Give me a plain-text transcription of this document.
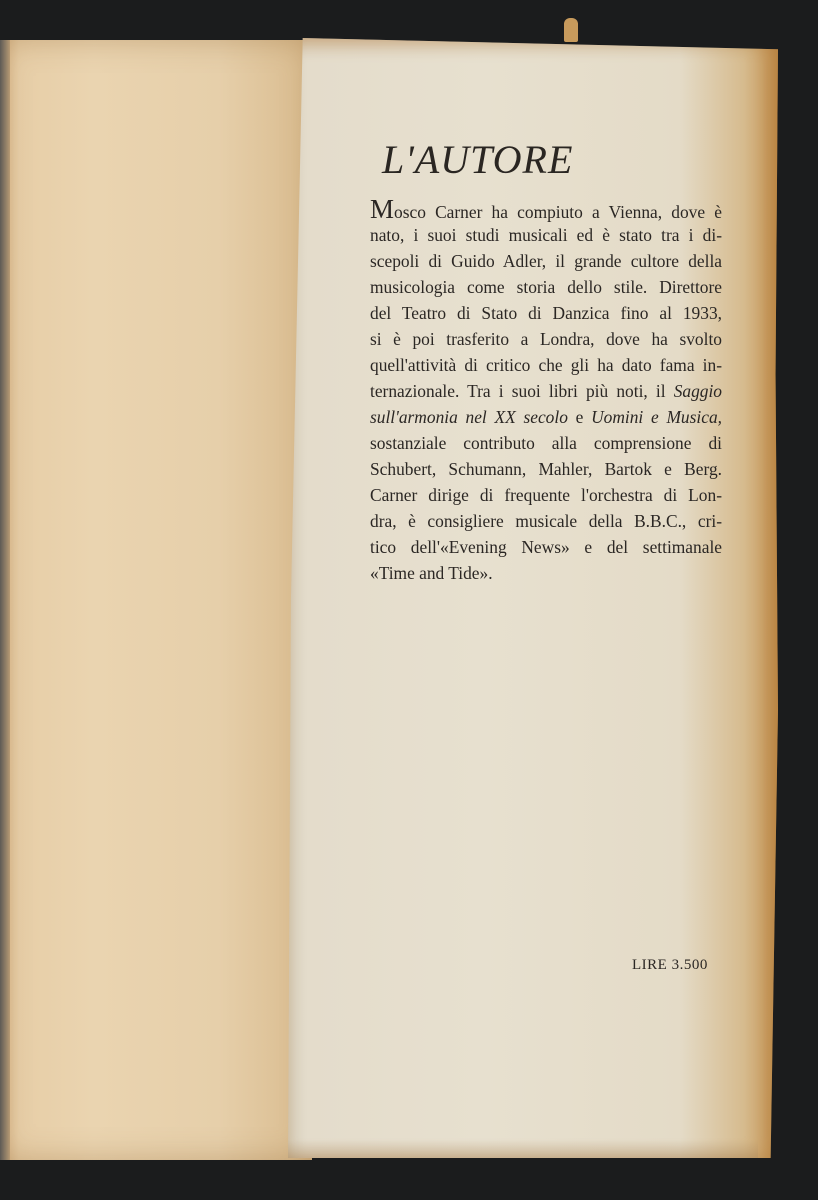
L'AUTORE
Mosco Carner ha compiuto a Vienna, dove è
nato, i suoi studi musicali ed è stato tra i di-
scepoli di Guido Adler, il grande cultore della
musicologia come storia dello stile. Direttore
del Teatro di Stato di Danzica fino al 1933,
si è poi trasferito a Londra, dove ha svolto
quell'attività di critico che gli ha dato fama in-
ternazionale. Tra i suoi libri più noti, il Saggio
sull'armonia nel XX secolo e Uomini e Musica,
sostanziale contributo alla comprensione di
Schubert, Schumann, Mahler, Bartok e Berg.
Carner dirige di frequente l'orchestra di Lon-
dra, è consigliere musicale della B.B.C., cri-
tico dell'«Evening News» e del settimanale
«Time and Tide».
LIRE 3.500
